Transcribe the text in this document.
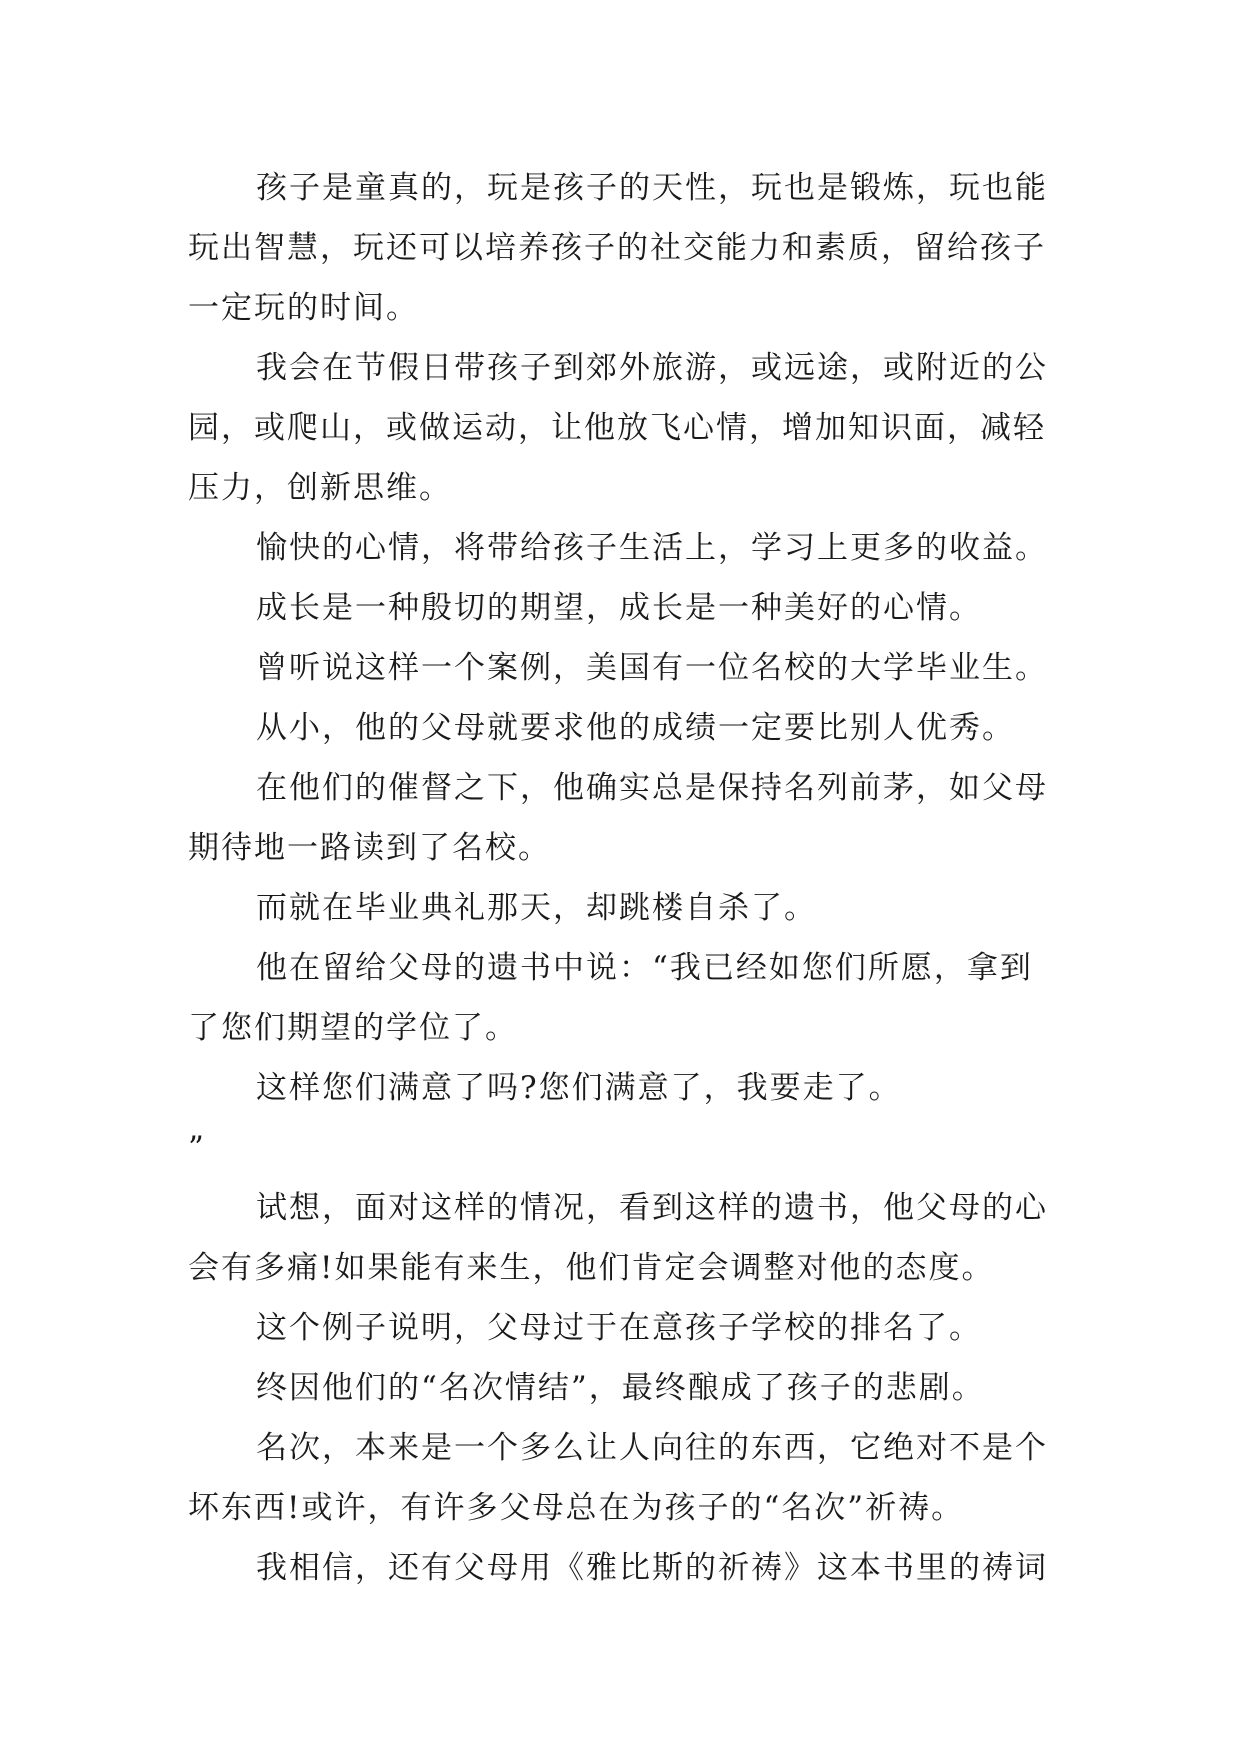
孩子是童真的，玩是孩子的天性，玩也是锻炼，玩也能
玩出智慧，玩还可以培养孩子的社交能力和素质，留给孩子
一定玩的时间。

我会在节假日带孩子到郊外旅游，或远途，或附近的公
园，或爬山，或做运动，让他放飞心情，增加知识面，减轻
压力，创新思维。

愉快的心情，将带给孩子生活上，学习上更多的收益。

成长是一种殷切的期望，成长是一种美好的心情。

曾听说这样一个案例，美国有一位名校的大学毕业生。

从小，他的父母就要求他的成绩一定要比别人优秀。

在他们的催督之下，他确实总是保持名列前茅，如父母
期待地一路读到了名校。

而就在毕业典礼那天，却跳楼自杀了。

他在留给父母的遗书中说：“我已经如您们所愿，拿到
了您们期望的学位了。

这样您们满意了吗?您们满意了，我要走了。
”

试想，面对这样的情况，看到这样的遗书，他父母的心
会有多痛!如果能有来生，他们肯定会调整对他的态度。

这个例子说明，父母过于在意孩子学校的排名了。

终因他们的“名次情结”，最终酿成了孩子的悲剧。

名次，本来是一个多么让人向往的东西，它绝对不是个
坏东西!或许，有许多父母总在为孩子的“名次”祈祷。

我相信，还有父母用《雅比斯的祈祷》这本书里的祷词
